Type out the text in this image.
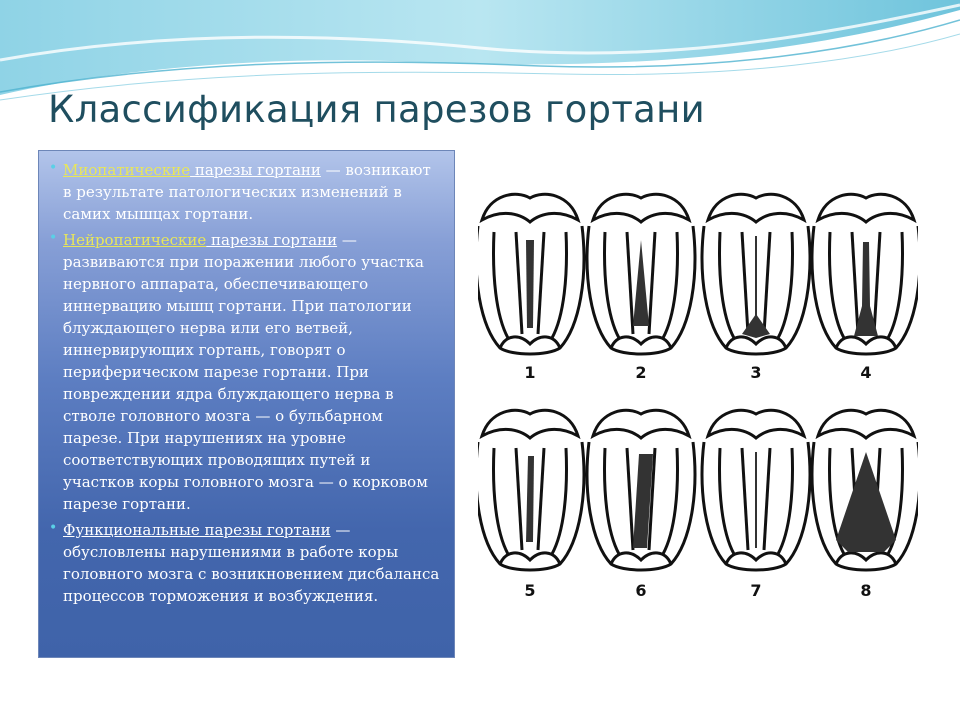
Классификация парезов гортани

• Миопатические парезы гортани — возникают в результате патологических изменений в самих мышцах гортани.

• Нейропатические парезы гортани — развиваются при поражении любого участка нервного аппарата, обеспечивающего иннервацию мышц гортани. При патологии блуждающего нерва или его ветвей, иннервирующих гортань, говорят о периферическом парезе гортани. При повреждении ядра блуждающего нерва в стволе головного мозга — о бульбарном парезе. При нарушениях на уровне соответствующих проводящих путей и участков коры головного мозга — о корковом парезе гортани.

• Функциональные парезы гортани — обусловлены нарушениями в работе коры головного мозга с возникновением дисбаланса процессов торможения и возбуждения.

1	2	3	4
5	6	7	8
